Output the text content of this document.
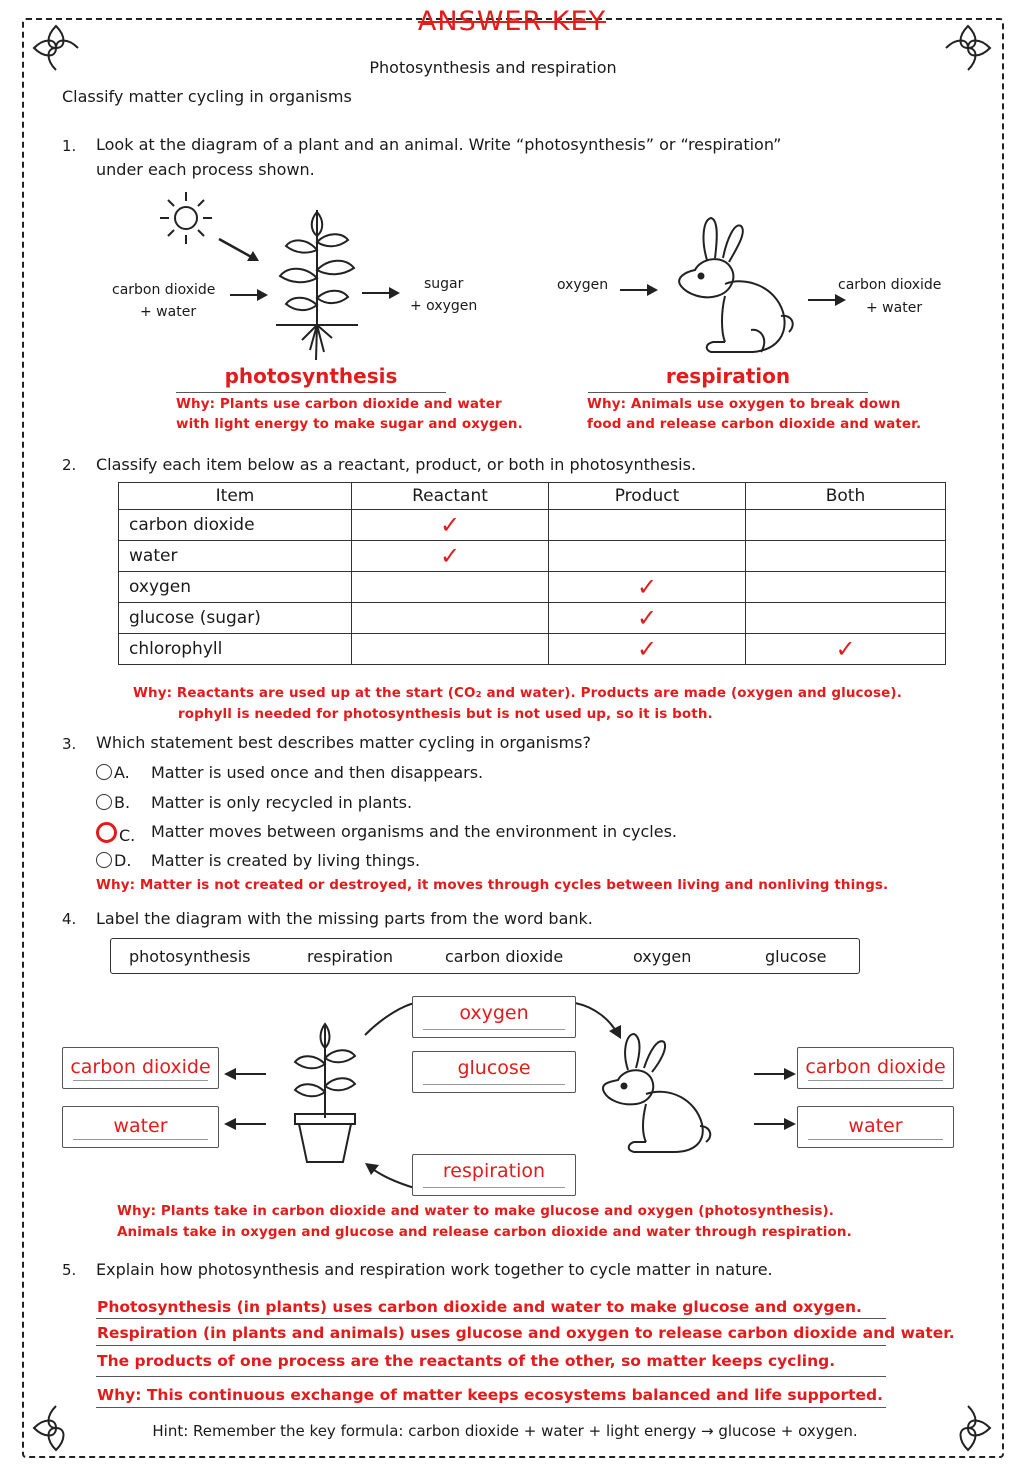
ANSWER KEY
Photosynthesis and respiration
Classify matter cycling in organisms
1. Look at the diagram of a plant and an animal. Write “photosynthesis” or “respiration”
under each process shown.
carbon dioxide
+ water
sugar
+ oxygen
oxygen	carbon dioxide
+ water
photosynthesis
Why: Plants use carbon dioxide and water
with light energy to make sugar and oxygen.
respiration
Why: Animals use oxygen to break down
food and release carbon dioxide and water.
2. Classify each item below as a reactant, product, or both in photosynthesis.
Item	Reactant	Product	Both
carbon dioxide	✓		
water	✓		
oxygen		✓	
glucose (sugar)		✓	
chlorophyll		✓	✓
Why: Reactants are used up at the start (CO₂ and water). Products are made (oxygen and glucose).
rophyll is needed for photosynthesis but is not used up, so it is both.
3. Which statement best describes matter cycling in organisms?
A. Matter is used once and then disappears.
B. Matter is only recycled in plants.
C. Matter moves between organisms and the environment in cycles.
D. Matter is created by living things.
Why: Matter is not created or destroyed, it moves through cycles between living and nonliving things.
4. Label the diagram with the missing parts from the word bank.
photosynthesis	respiration	carbon dioxide	oxygen	glucose
carbon dioxide
water
oxygen
glucose
respiration
carbon dioxide
water
Why: Plants take in carbon dioxide and water to make glucose and oxygen (photosynthesis).
Animals take in oxygen and glucose and release carbon dioxide and water through respiration.
5. Explain how photosynthesis and respiration work together to cycle matter in nature.
Photosynthesis (in plants) uses carbon dioxide and water to make glucose and oxygen.
Respiration (in plants and animals) uses glucose and oxygen to release carbon dioxide and water.
The products of one process are the reactants of the other, so matter keeps cycling.
Why: This continuous exchange of matter keeps ecosystems balanced and life supported.
Hint: Remember the key formula: carbon dioxide + water + light energy → glucose + oxygen.
